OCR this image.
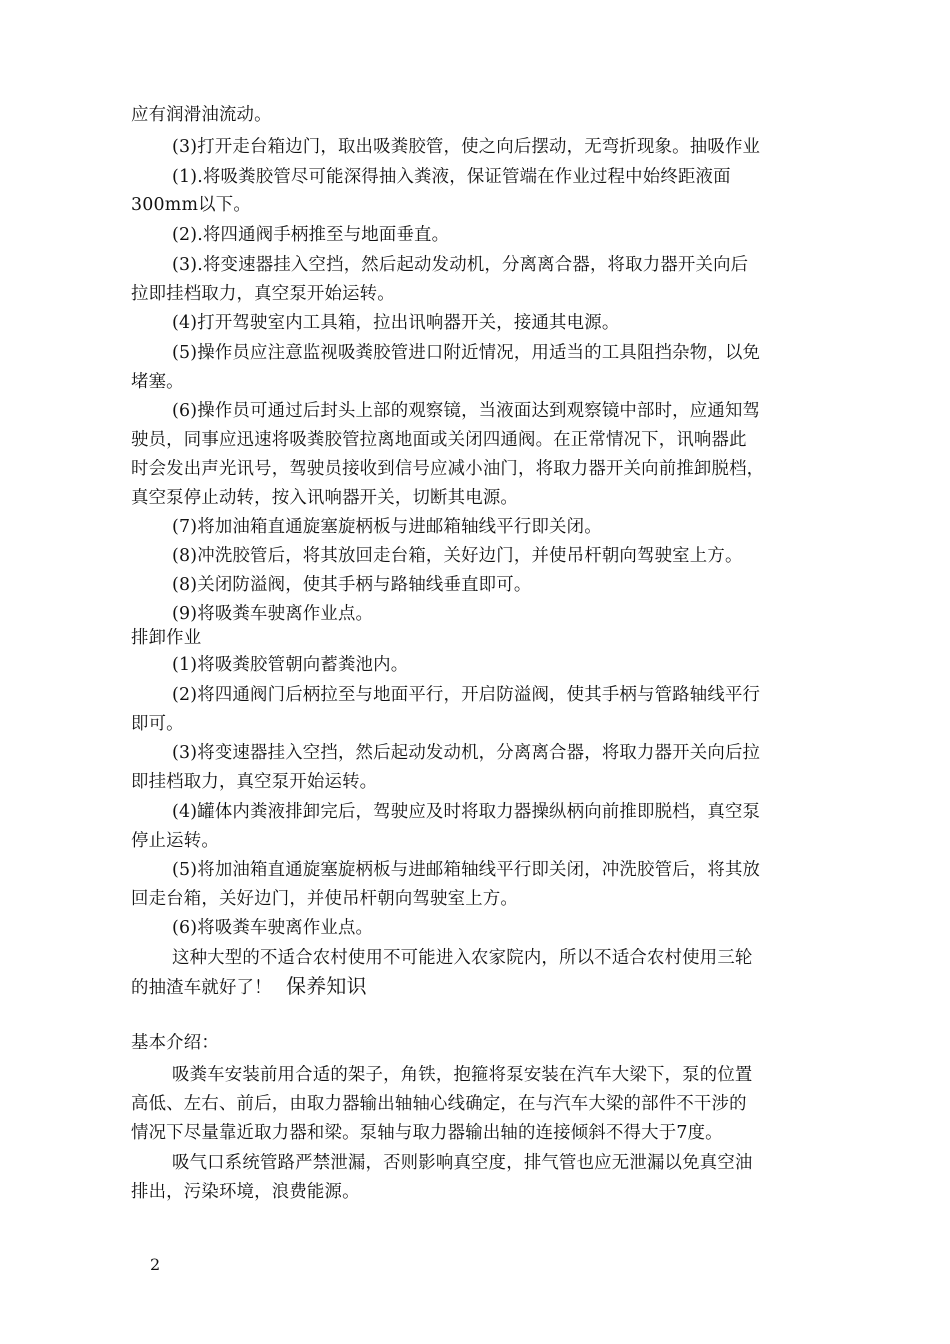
应有润滑油流动。
(3)打开走台箱边门，取出吸粪胶管，使之向后摆动，无弯折现象。抽吸作业
(1).将吸粪胶管尽可能深得抽入粪液，保证管端在作业过程中始终距液面
300mm以下。
(2).将四通阀手柄推至与地面垂直。
(3).将变速器挂入空挡，然后起动发动机，分离离合器，将取力器开关向后
拉即挂档取力，真空泵开始运转。
(4)打开驾驶室内工具箱，拉出讯响器开关，接通其电源。
(5)操作员应注意监视吸粪胶管进口附近情况，用适当的工具阻挡杂物，以免
堵塞。
(6)操作员可通过后封头上部的观察镜，当液面达到观察镜中部时，应通知驾
驶员，同事应迅速将吸粪胶管拉离地面或关闭四通阀。在正常情况下，讯响器此
时会发出声光讯号，驾驶员接收到信号应减小油门，将取力器开关向前推卸脱档，
真空泵停止动转，按入讯响器开关，切断其电源。
(7)将加油箱直通旋塞旋柄板与进邮箱轴线平行即关闭。
(8)冲洗胶管后，将其放回走台箱，关好边门，并使吊杆朝向驾驶室上方。
(8)关闭防溢阀，使其手柄与路轴线垂直即可。
(9)将吸粪车驶离作业点。
排卸作业
(1)将吸粪胶管朝向蓄粪池内。
(2)将四通阀门后柄拉至与地面平行，开启防溢阀，使其手柄与管路轴线平行
即可。
(3)将变速器挂入空挡，然后起动发动机，分离离合器，将取力器开关向后拉
即挂档取力，真空泵开始运转。
(4)罐体内粪液排卸完后，驾驶应及时将取力器操纵柄向前推即脱档，真空泵
停止运转。
(5)将加油箱直通旋塞旋柄板与进邮箱轴线平行即关闭，冲洗胶管后，将其放
回走台箱，关好边门，并使吊杆朝向驾驶室上方。
(6)将吸粪车驶离作业点。
这种大型的不适合农村使用不可能进入农家院内，所以不适合农村使用三轮
的抽渣车就好了！ 保养知识
基本介绍：
吸粪车安装前用合适的架子，角铁，抱箍将泵安装在汽车大梁下，泵的位置
高低、左右、前后，由取力器输出轴轴心线确定，在与汽车大梁的部件不干涉的
情况下尽量靠近取力器和梁。泵轴与取力器输出轴的连接倾斜不得大于7度。
吸气口系统管路严禁泄漏，否则影响真空度，排气管也应无泄漏以免真空油
排出，污染环境，浪费能源。
2
